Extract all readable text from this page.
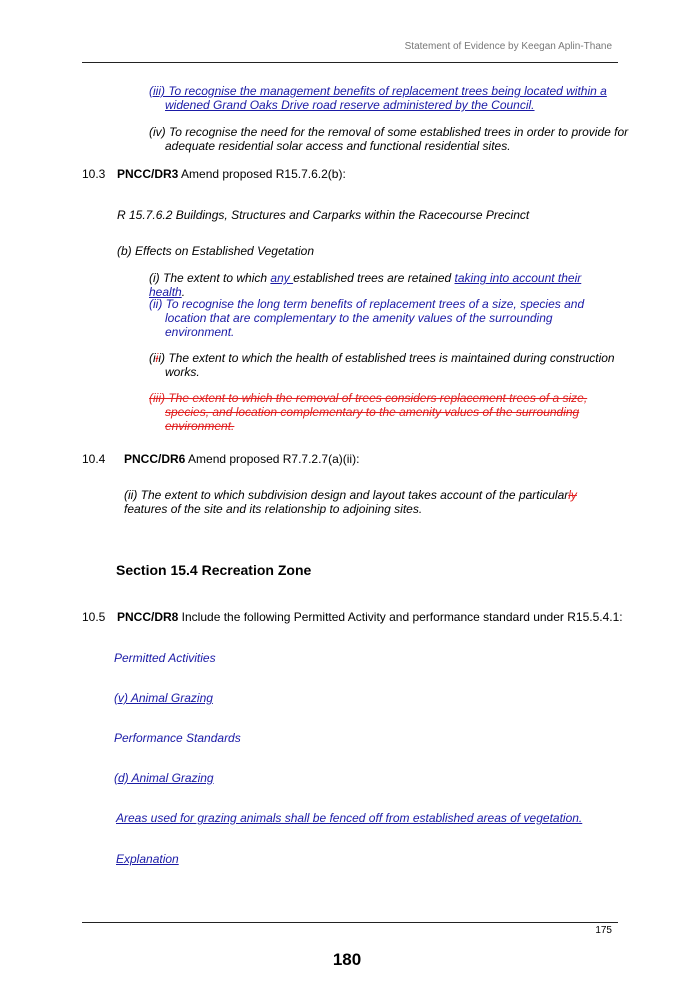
Statement of Evidence by Keegan Aplin-Thane
(iii) To recognise the management benefits of replacement trees being located within a widened Grand Oaks Drive road reserve administered by the Council.
(iv) To recognise the need for the removal of some established trees in order to provide for adequate residential solar access and functional residential sites.
10.3 PNCC/DR3 Amend proposed R15.7.6.2(b):
R 15.7.6.2 Buildings, Structures and Carparks within the Racecourse Precinct
(b) Effects on Established Vegetation
(i) The extent to which any established trees are retained taking into account their health.
(ii) To recognise the long term benefits of replacement trees of a size, species and location that are complementary to the amenity values of the surrounding environment.
(iii) The extent to which the health of established trees is maintained during construction works.
(iii) The extent to which the removal of trees considers replacement trees of a size, species, and location complementary to the amenity values of the surrounding environment.
10.4 PNCC/DR6 Amend proposed R7.7.2.7(a)(ii):
(ii) The extent to which subdivision design and layout takes account of the particularly features of the site and its relationship to adjoining sites.
Section 15.4 Recreation Zone
10.5 PNCC/DR8 Include the following Permitted Activity and performance standard under R15.5.4.1:
Permitted Activities
(v) Animal Grazing
Performance Standards
(d) Animal Grazing
Areas used for grazing animals shall be fenced off from established areas of vegetation.
Explanation
175
180
